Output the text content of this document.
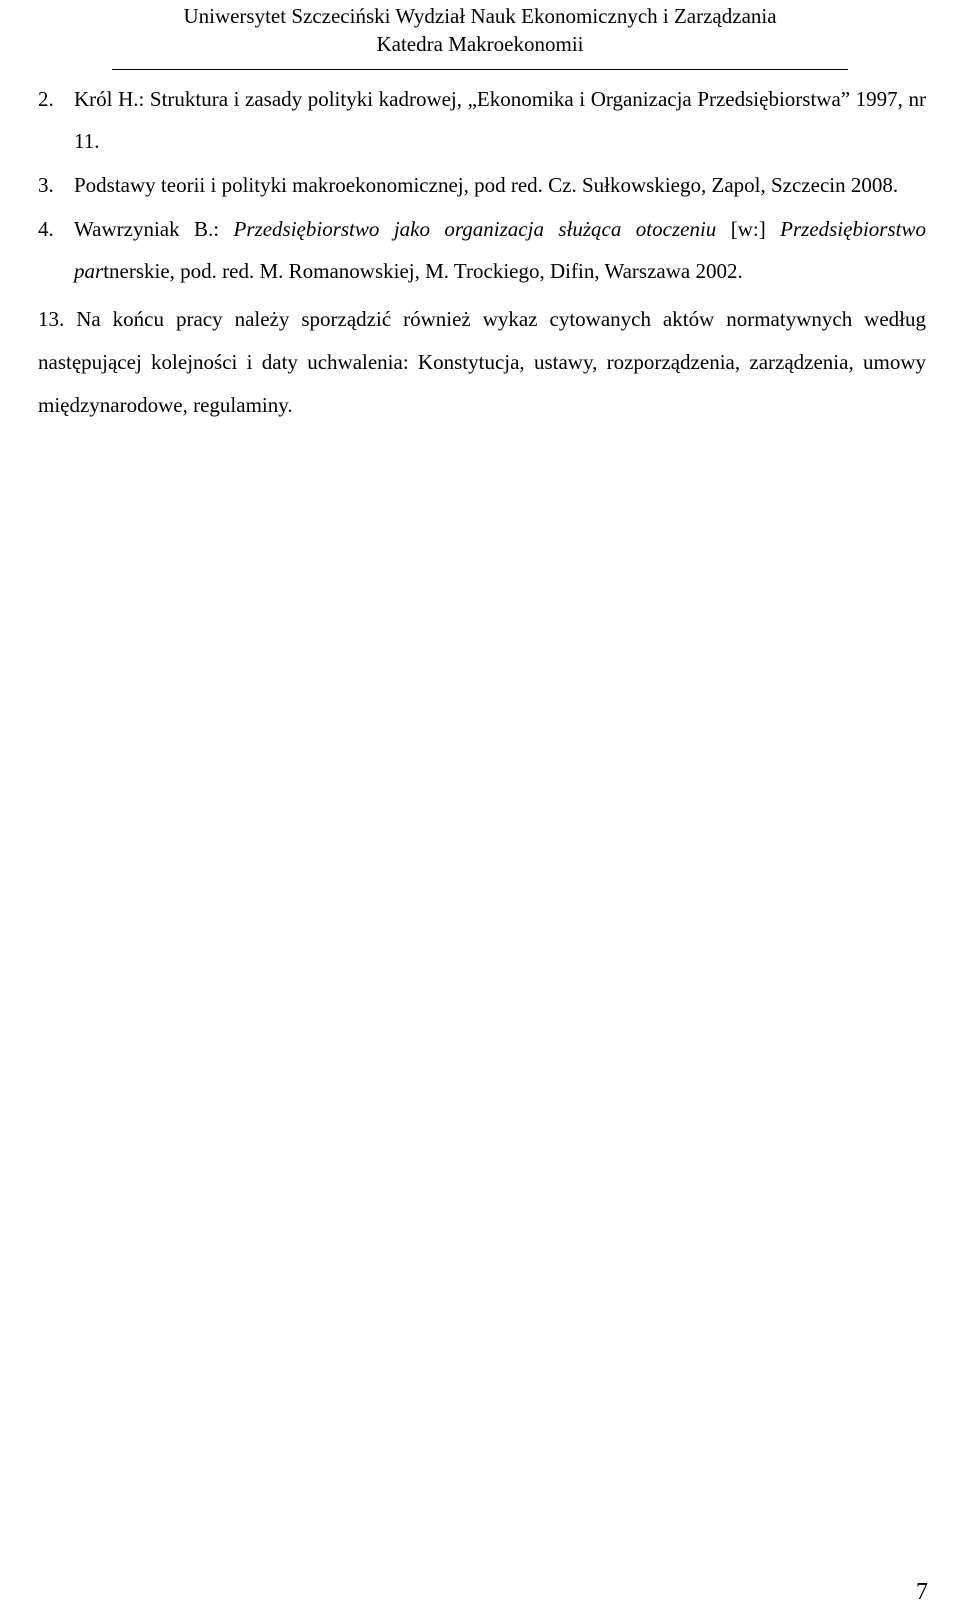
Uniwersytet Szczeciński Wydział Nauk Ekonomicznych i Zarządzania
Katedra Makroekonomii
2. Król H.: Struktura i zasady polityki kadrowej, „Ekonomika i Organizacja Przedsiębiorstwa” 1997, nr 11.
3. Podstawy teorii i polityki makroekonomicznej, pod red. Cz. Sułkowskiego, Zapol, Szczecin 2008.
4. Wawrzyniak B.: Przedsiębiorstwo jako organizacja służąca otoczeniu [w:] Przedsiębiorstwo partnerskie, pod. red. M. Romanowskiej, M. Trockiego, Difin, Warszawa 2002.

13. Na końcu pracy należy sporządzić również wykaz cytowanych aktów normatywnych według następującej kolejności i daty uchwalenia: Konstytucja, ustawy, rozporządzenia, zarządzenia, umowy międzynarodowe, regulaminy.

7
